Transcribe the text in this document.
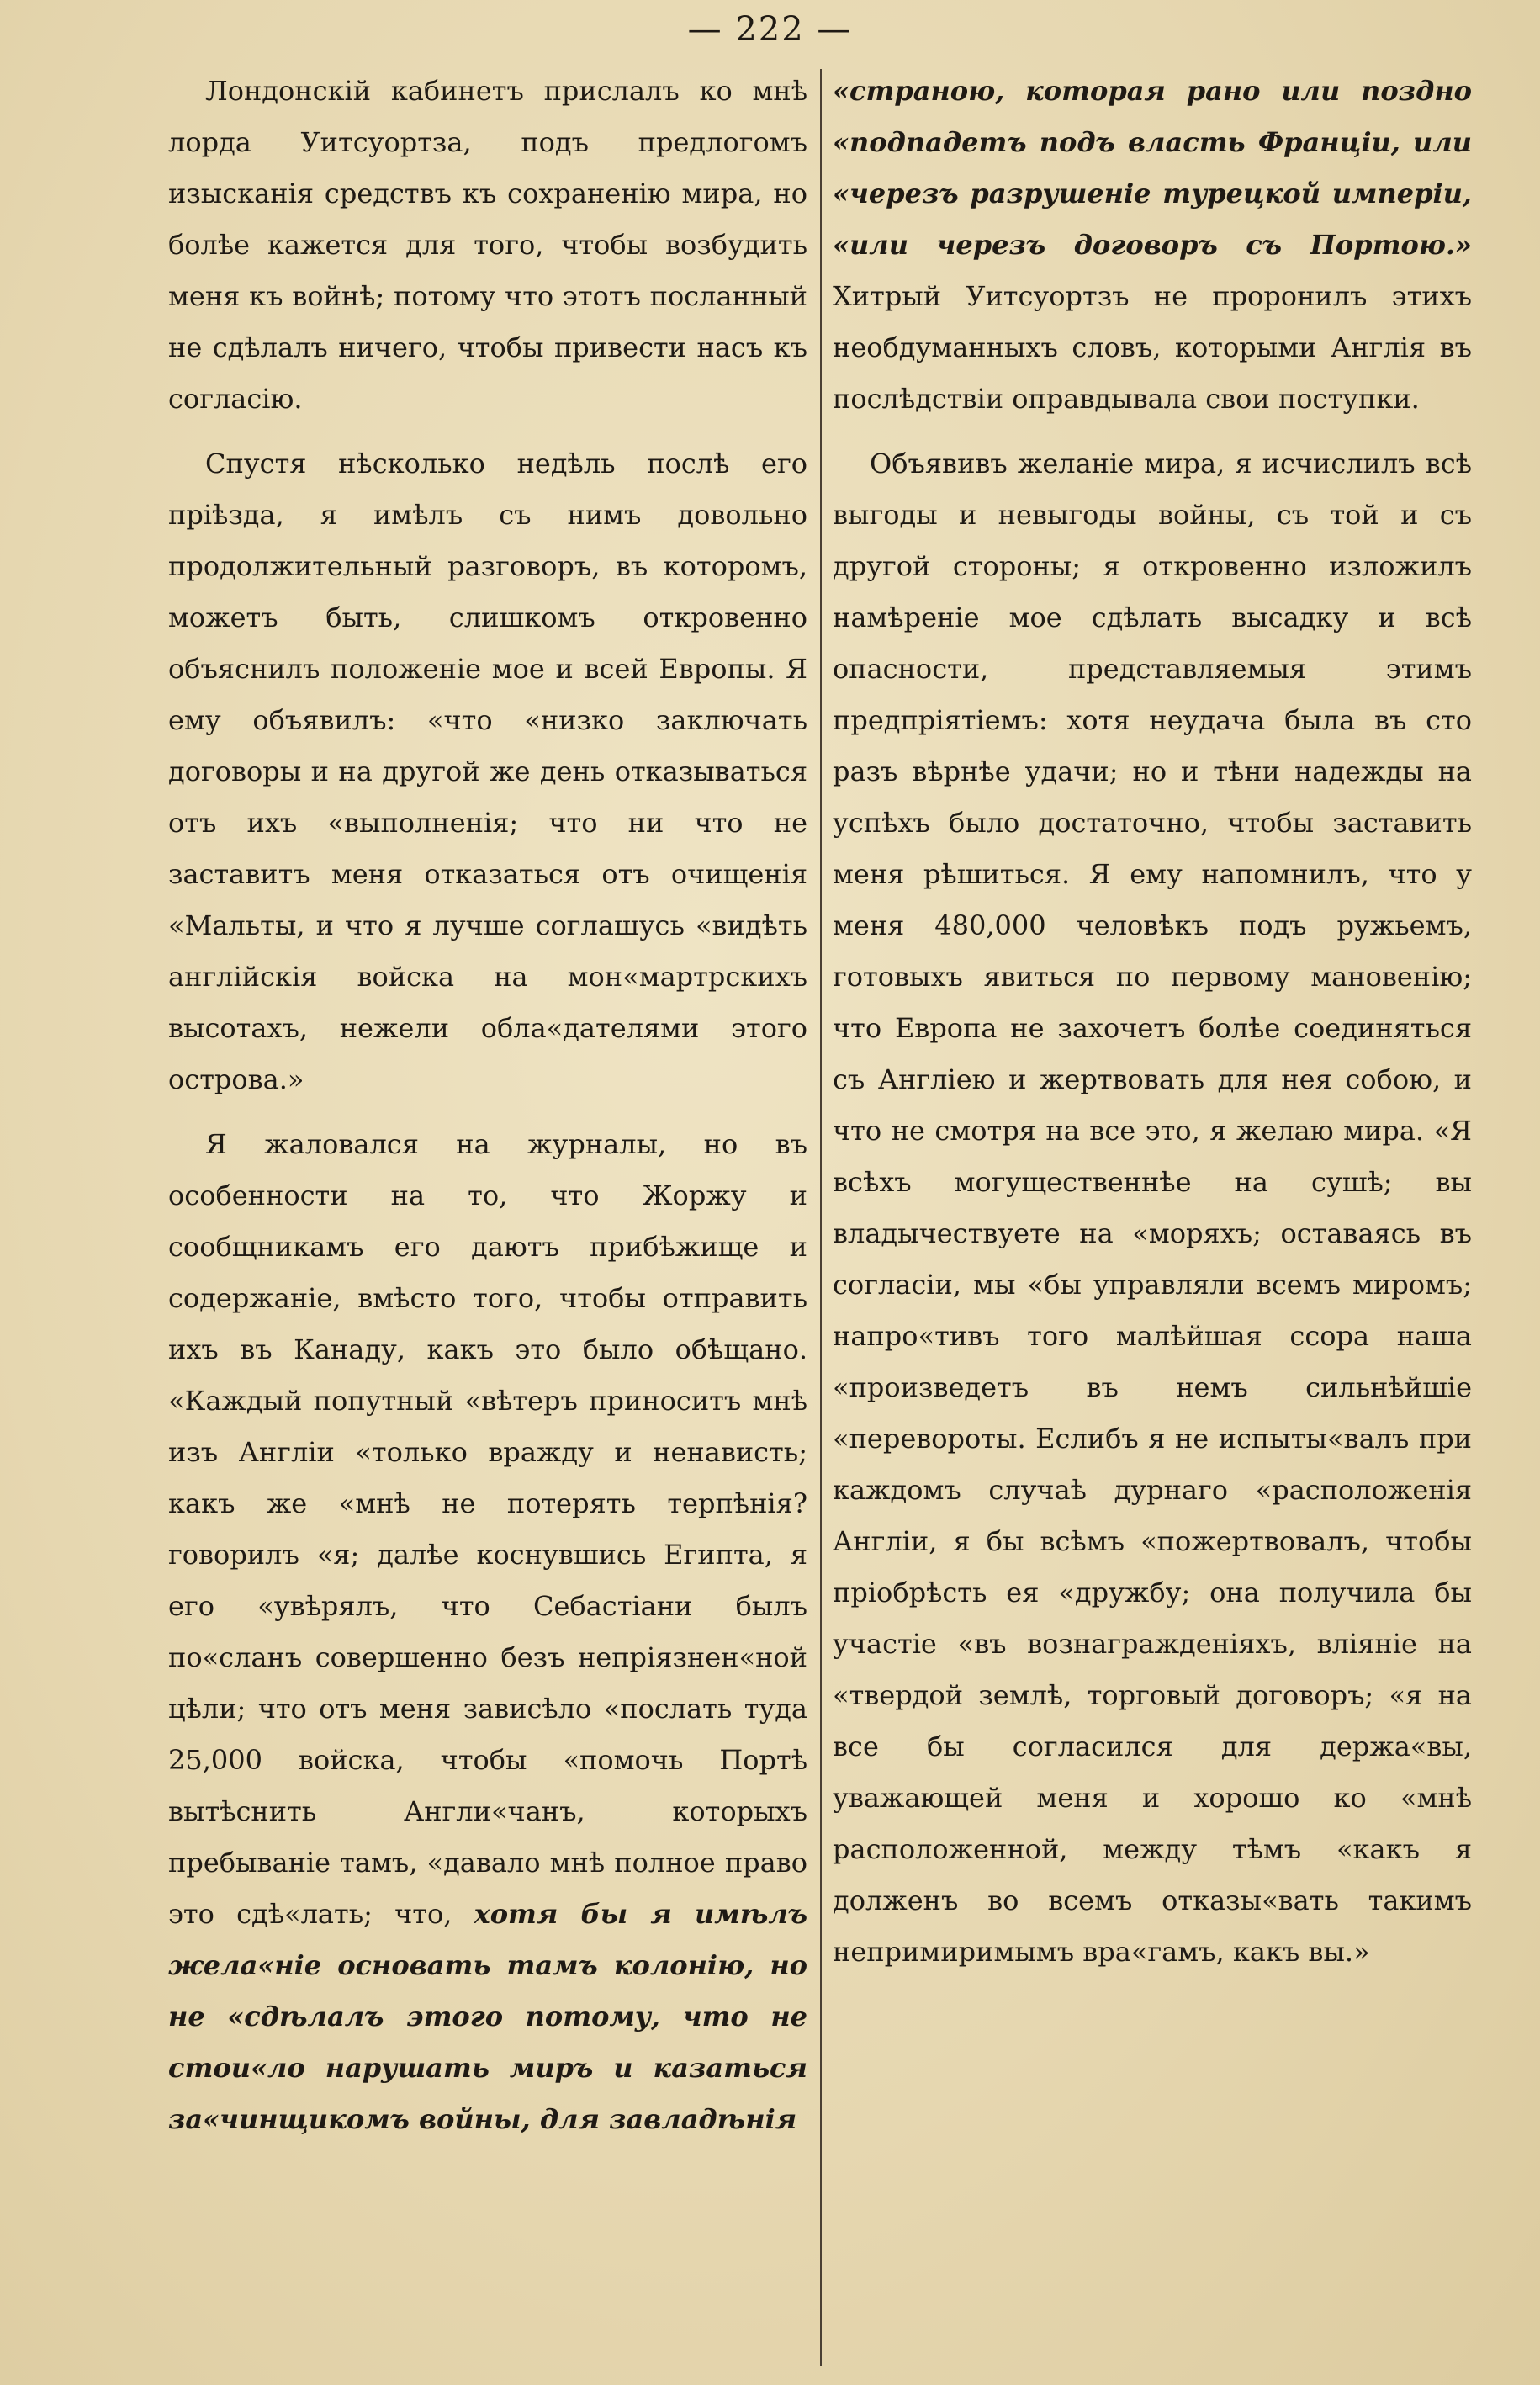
— 222 —

Лондонскій кабинетъ прислалъ ко мнѣ лорда Уитсуортза, подъ предлогомъ изысканія средствъ къ сохраненію мира, но болѣе кажется для того, чтобы возбудить меня къ войнѣ; потому что этотъ посланный не сдѣлалъ ничего, чтобы привести насъ къ согласію.

Спустя нѣсколько недѣль послѣ его пріѣзда, я имѣлъ съ нимъ довольно продолжительный разговоръ, въ которомъ, можетъ быть, слишкомъ откровенно объяснилъ положеніе мое и всей Европы. Я ему объявилъ: «что «низко заключать договоры и на другой же день отказываться отъ ихъ «выполненія; что ни что не заставитъ меня отказаться отъ очищенія «Мальты, и что я лучше соглашусь «видѣть англійскія войска на мон«мартрскихъ высотахъ, нежели обла«дателями этого острова.»

Я жаловался на журналы, но въ особенности на то, что Жоржу и сообщникамъ его даютъ прибѣжище и содержаніе, вмѣсто того, чтобы отправить ихъ въ Канаду, какъ это было обѣщано. «Каждый попутный «вѣтеръ приноситъ мнѣ изъ Англіи «только вражду и ненависть; какъ же «мнѣ не потерять терпѣнія? говорилъ «я; далѣе коснувшись Египта, я его «увѣрялъ, что Себастіани былъ по«сланъ совершенно безъ непріязнен«ной цѣли; что отъ меня зависѣло «послать туда 25,000 войска, чтобы «помочь Портѣ вытѣснить Англи«чанъ, которыхъ пребываніе тамъ, «давало мнѣ полное право это сдѣ«лать; что, хотя бы я имѣлъ жела«ніе основать тамъ колонію, но не «сдѣлалъ этого потому, что не стои«ло нарушать миръ и казаться за«чинщикомъ войны, для завладѣнія

«страною, которая рано или поздно «подпадетъ подъ власть Франціи, или «черезъ разрушеніе турецкой имперіи, «или черезъ договоръ съ Портою.» Хитрый Уитсуортзъ не проронилъ этихъ необдуманныхъ словъ, которыми Англія въ послѣдствіи оправдывала свои поступки.

Объявивъ желаніе мира, я исчислилъ всѣ выгоды и невыгоды войны, съ той и съ другой стороны; я откровенно изложилъ намѣреніе мое сдѣлать высадку и всѣ опасности, представляемыя этимъ предпріятіемъ: хотя неудача была въ сто разъ вѣрнѣе удачи; но и тѣни надежды на успѣхъ было достаточно, чтобы заставить меня рѣшиться. Я ему напомнилъ, что у меня 480,000 человѣкъ подъ ружьемъ, готовыхъ явиться по первому мановенію; что Европа не захочетъ болѣе соединяться съ Англіею и жертвовать для нея собою, и что не смотря на все это, я желаю мира. «Я всѣхъ могущественнѣе на сушѣ; вы владычествуете на «моряхъ; оставаясь въ согласіи, мы «бы управляли всемъ миромъ; напро«тивъ того малѣйшая ссора наша «произведетъ въ немъ сильнѣйшіе «перевороты. Еслибъ я не испыты«валъ при каждомъ случаѣ дурнаго «расположенія Англіи, я бы всѣмъ «пожертвовалъ, чтобы пріобрѣсть ея «дружбу; она получила бы участіе «въ вознагражденіяхъ, вліяніе на «твердой землѣ, торговый договоръ; «я на все бы согласился для держа«вы, уважающей меня и хорошо ко «мнѣ расположенной, между тѣмъ «какъ я долженъ во всемъ отказы«вать такимъ непримиримымъ вра«гамъ, какъ вы.»
